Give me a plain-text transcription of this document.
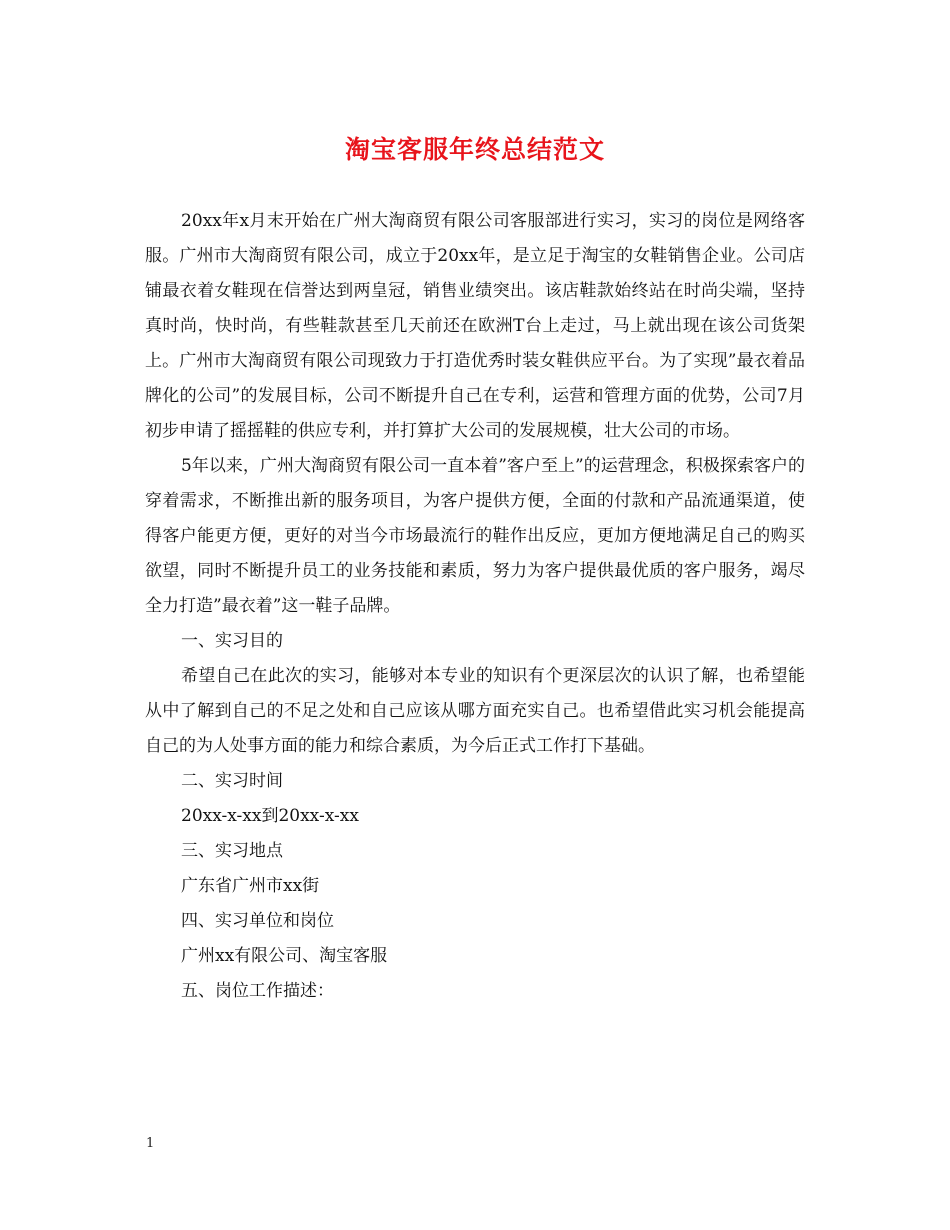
淘宝客服年终总结范文

20xx年x月末开始在广州大淘商贸有限公司客服部进行实习，实习的岗位是网络客服。广州市大淘商贸有限公司，成立于20xx年，是立足于淘宝的女鞋销售企业。公司店铺最衣着女鞋现在信誉达到两皇冠，销售业绩突出。该店鞋款始终站在时尚尖端，坚持真时尚，快时尚，有些鞋款甚至几天前还在欧洲T台上走过，马上就出现在该公司货架上。广州市大淘商贸有限公司现致力于打造优秀时装女鞋供应平台。为了实现”最衣着品牌化的公司”的发展目标，公司不断提升自己在专利，运营和管理方面的优势，公司7月初步申请了摇摇鞋的供应专利，并打算扩大公司的发展规模，壮大公司的市场。

5年以来，广州大淘商贸有限公司一直本着”客户至上”的运营理念，积极探索客户的穿着需求，不断推出新的服务项目，为客户提供方便，全面的付款和产品流通渠道，使得客户能更方便，更好的对当今市场最流行的鞋作出反应，更加方便地满足自己的购买欲望，同时不断提升员工的业务技能和素质，努力为客户提供最优质的客户服务，竭尽全力打造”最衣着”这一鞋子品牌。

一、实习目的

希望自己在此次的实习，能够对本专业的知识有个更深层次的认识了解，也希望能从中了解到自己的不足之处和自己应该从哪方面充实自己。也希望借此实习机会能提高自己的为人处事方面的能力和综合素质，为今后正式工作打下基础。

二、实习时间

20xx-x-xx到20xx-x-xx

三、实习地点

广东省广州市xx街

四、实习单位和岗位

广州xx有限公司、淘宝客服

五、岗位工作描述：

1
